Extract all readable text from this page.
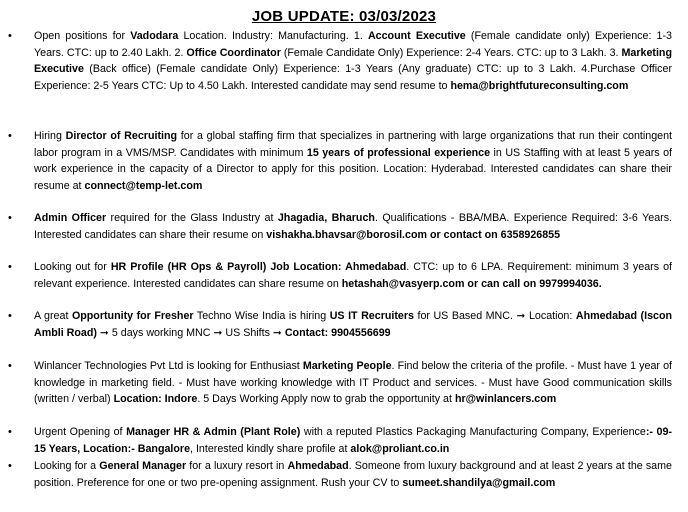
JOB UPDATE: 03/03/2023
• Open positions for Vadodara Location. Industry: Manufacturing. 1. Account Executive (Female candidate only) Experience: 1-3 Years. CTC: up to 2.40 Lakh. 2. Office Coordinator (Female Candidate Only) Experience: 2-4 Years. CTC: up to 3 Lakh. 3. Marketing Executive (Back office) (Female candidate Only) Experience: 1-3 Years (Any graduate) CTC: up to 3 Lakh. 4.Purchase Officer Experience: 2-5 Years CTC: Up to 4.50 Lakh. Interested candidate may send resume to hema@brightfutureconsulting.com
• Hiring Director of Recruiting for a global staffing firm that specializes in partnering with large organizations that run their contingent labor program in a VMS/MSP. Candidates with minimum 15 years of professional experience in US Staffing with at least 5 years of work experience in the capacity of a Director to apply for this position. Location: Hyderabad. Interested candidates can share their resume at connect@temp-let.com
• Admin Officer required for the Glass Industry at Jhagadia, Bharuch. Qualifications - BBA/MBA. Experience Required: 3-6 Years. Interested candidates can share their resume on vishakha.bhavsar@borosil.com or contact on 6358926855
• Looking out for HR Profile (HR Ops & Payroll) Job Location: Ahmedabad. CTC: up to 6 LPA. Requirement: minimum 3 years of relevant experience. Interested candidates can share resume on hetashah@vasyerp.com or can call on 9979994036.
• A great Opportunity for Fresher Techno Wise India is hiring US IT Recruiters for US Based MNC. ➞ Location: Ahmedabad (Iscon Ambli Road) ➞ 5 days working MNC ➞ US Shifts ➞ Contact: 9904556699
• Winlancer Technologies Pvt Ltd is looking for Enthusiast Marketing People. Find below the criteria of the profile. - Must have 1 year of knowledge in marketing field. - Must have working knowledge with IT Product and services. - Must have Good communication skills (written / verbal) Location: Indore. 5 Days Working Apply now to grab the opportunity at hr@winlancers.com
• Urgent Opening of Manager HR & Admin (Plant Role) with a reputed Plastics Packaging Manufacturing Company, Experience:- 09-15 Years, Location:- Bangalore, Interested kindly share profile at alok@proliant.co.in
• Looking for a General Manager for a luxury resort in Ahmedabad. Someone from luxury background and at least 2 years at the same position. Preference for one or two pre-opening assignment. Rush your CV to sumeet.shandilya@gmail.com
